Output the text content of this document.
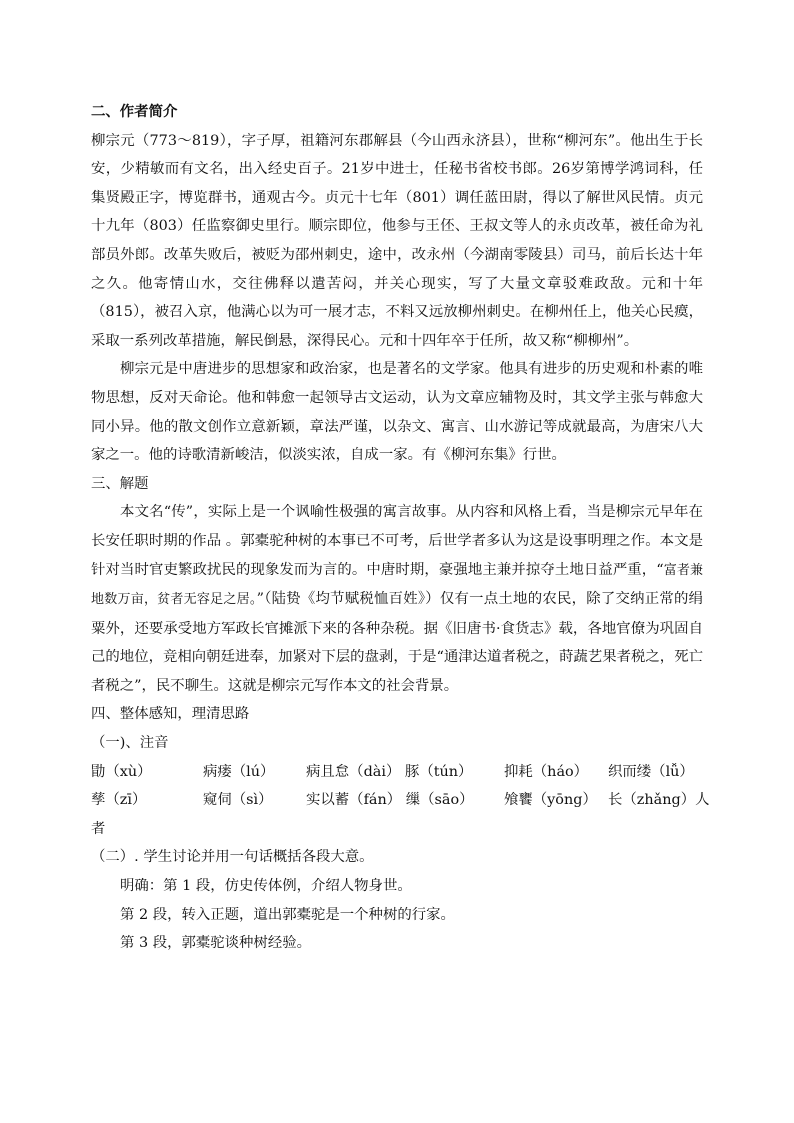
二、作者简介

柳宗元（773～819），字子厚，祖籍河东郡解县（今山西永济县），世称“柳河东”。他出生于长安，少精敏而有文名，出入经史百子。21岁中进士，任秘书省校书郎。26岁第博学鸿词科，任集贤殿正字，博览群书，通观古今。贞元十七年（801）调任蓝田尉，得以了解世风民情。贞元十九年（803）任监察御史里行。顺宗即位，他参与王伾、王叔文等人的永贞改革，被任命为礼部员外郎。改革失败后，被贬为邵州刺史，途中，改永州（今湖南零陵县）司马，前后长达十年之久。他寄情山水，交往佛释以遣苦闷，并关心现实，写了大量文章驳难政敌。元和十年（815），被召入京，他满心以为可一展才志，不料又远放柳州刺史。在柳州任上，他关心民瘼，采取一系列改革措施，解民倒悬，深得民心。元和十四年卒于任所，故又称“柳柳州”。

柳宗元是中唐进步的思想家和政治家，也是著名的文学家。他具有进步的历史观和朴素的唯物思想，反对天命论。他和韩愈一起领导古文运动，认为文章应辅物及时，其文学主张与韩愈大同小异。他的散文创作立意新颖，章法严谨，以杂文、寓言、山水游记等成就最高，为唐宋八大家之一。他的诗歌清新峻洁，似淡实浓，自成一家。有《柳河东集》行世。

三、解题

本文名“传”，实际上是一个讽喻性极强的寓言故事。从内容和风格上看，当是柳宗元早年在长安任职时期的作品 。郭橐驼种树的本事已不可考，后世学者多认为这是设事明理之作。本文是针对当时官吏繁政扰民的现象发而为言的。中唐时期，豪强地主兼并掠夺土地日益严重，“富者兼地数万亩，贫者无容足之居。”（陆贽《均节赋税恤百姓》）仅有一点土地的农民，除了交纳正常的绢粟外，还要承受地方军政长官摊派下来的各种杂税。据《旧唐书·食货志》载，各地官僚为巩固自己的地位，竞相向朝廷进奉，加紧对下层的盘剥，于是“通津达道者税之，莳蔬艺果者税之，死亡者税之”，民不聊生。这就是柳宗元写作本文的社会背景。

四、整体感知，理清思路

（一)、注音

勖（xù）	病瘘（lú）	病且怠（dài） 豚（tún）	抑耗（háo）	织而缕（lǚ）
孳（zī）	窥伺（sì）	实以蓄（fán） 缫（sāo）	飧饔（yōng） 长（zhǎng）人

者

（二）. 学生讨论并用一句话概括各段大意。

明确：第 1 段，仿史传体例，介绍人物身世。

第 2 段，转入正题，道出郭橐驼是一个种树的行家。

第 3 段，郭橐驼谈种树经验。
